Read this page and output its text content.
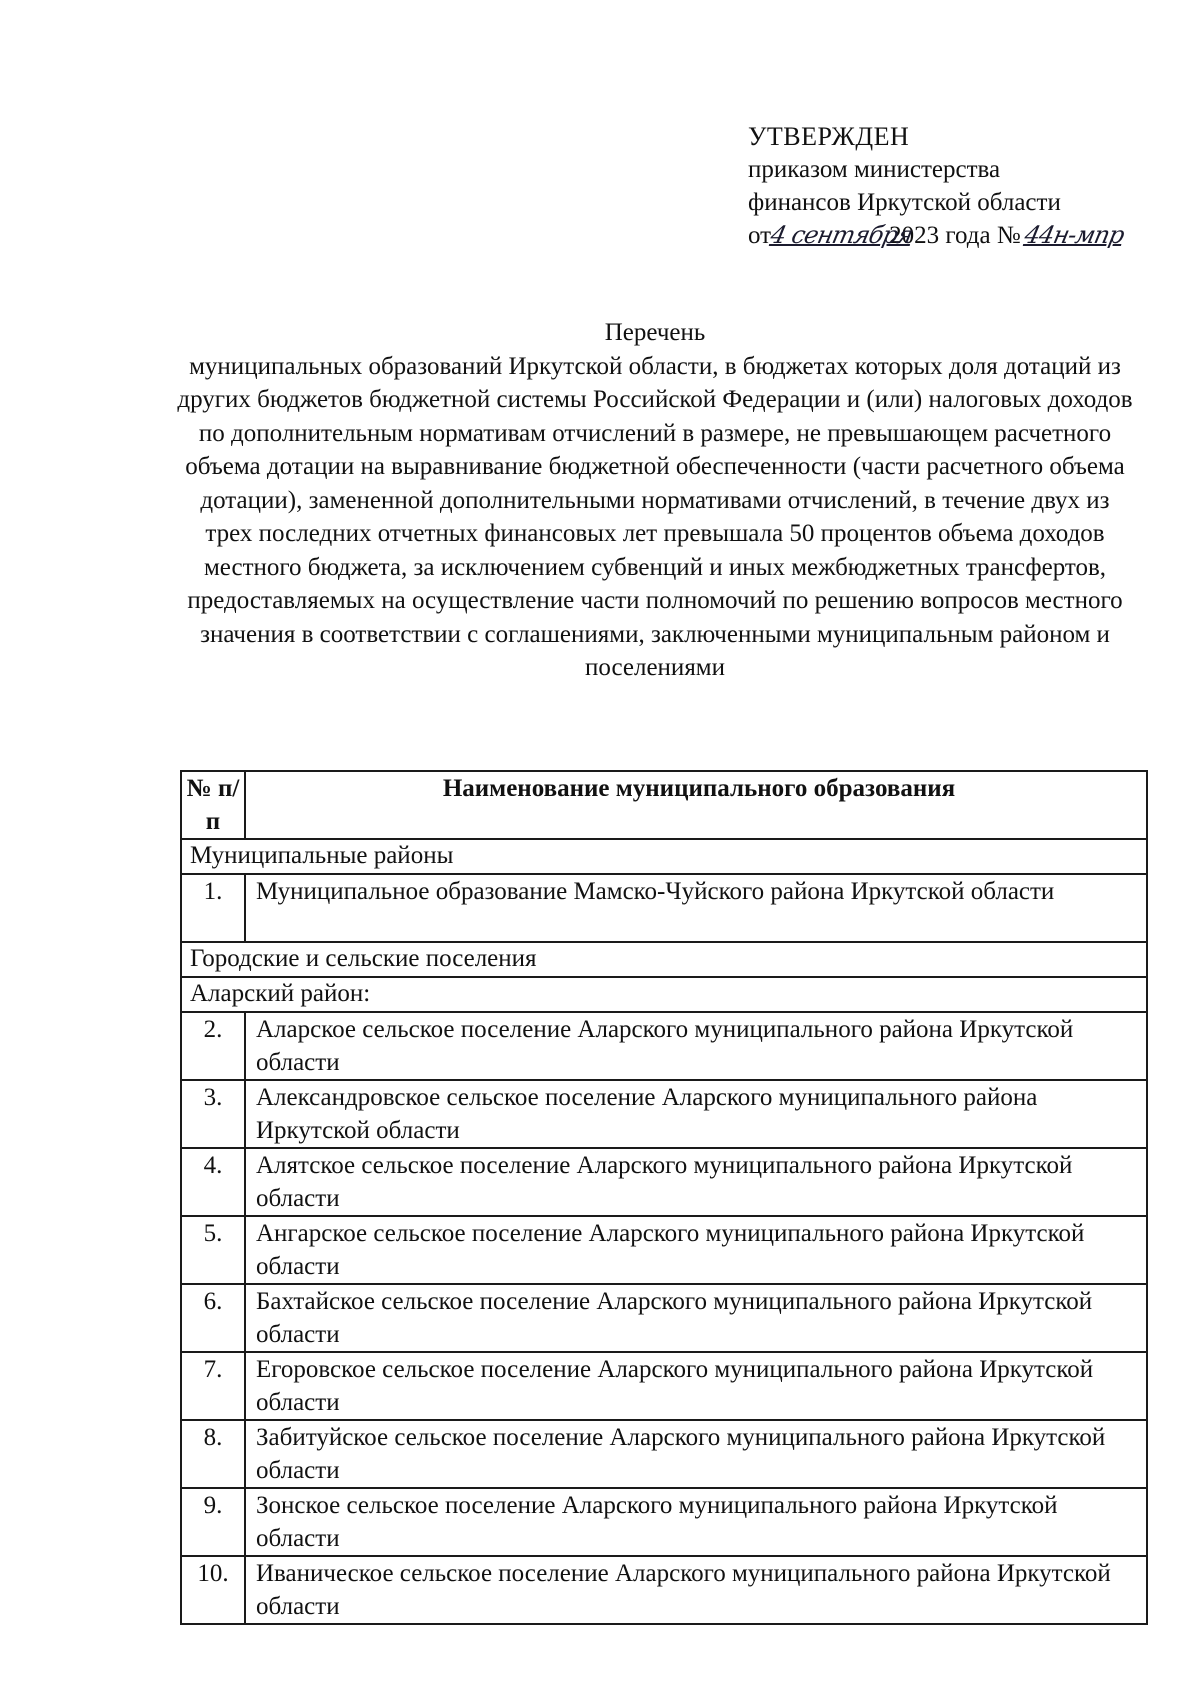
УТВЕРЖДЕН
приказом министерства
финансов Иркутской области
от4 сентября2023 года №44н-мпр
Перечень
муниципальных образований Иркутской области, в бюджетах которых доля дотаций из других бюджетов бюджетной системы Российской Федерации и (или) налоговых доходов по дополнительным нормативам отчислений в размере, не превышающем расчетного объема дотации на выравнивание бюджетной обеспеченности (части расчетного объема дотации), замененной дополнительными нормативами отчислений, в течение двух из трех последних отчетных финансовых лет превышала 50 процентов объема доходов местного бюджета, за исключением субвенций и иных межбюджетных трансфертов, предоставляемых на осуществление части полномочий по решению вопросов местного значения в соответствии с соглашениями, заключенными муниципальным районом и поселениями
№ п/п	Наименование муниципального образования
Муниципальные районы	
1.	Муниципальное образование Мамско-Чуйского района Иркутской области
Городские и сельские поселения	
Аларский район:	
2.	Аларское сельское поселение Аларского муниципального района Иркутской области
3.	Александровское сельское поселение Аларского муниципального района Иркутской области
4.	Алятское сельское поселение Аларского муниципального района Иркутской области
5.	Ангарское сельское поселение Аларского муниципального района Иркутской области
6.	Бахтайское сельское поселение Аларского муниципального района Иркутской области
7.	Егоровское сельское поселение Аларского муниципального района Иркутской области
8.	Забитуйское сельское поселение Аларского муниципального района Иркутской области
9.	Зонское сельское поселение Аларского муниципального района Иркутской области
10.	Иваническое сельское поселение Аларского муниципального района Иркутской области
